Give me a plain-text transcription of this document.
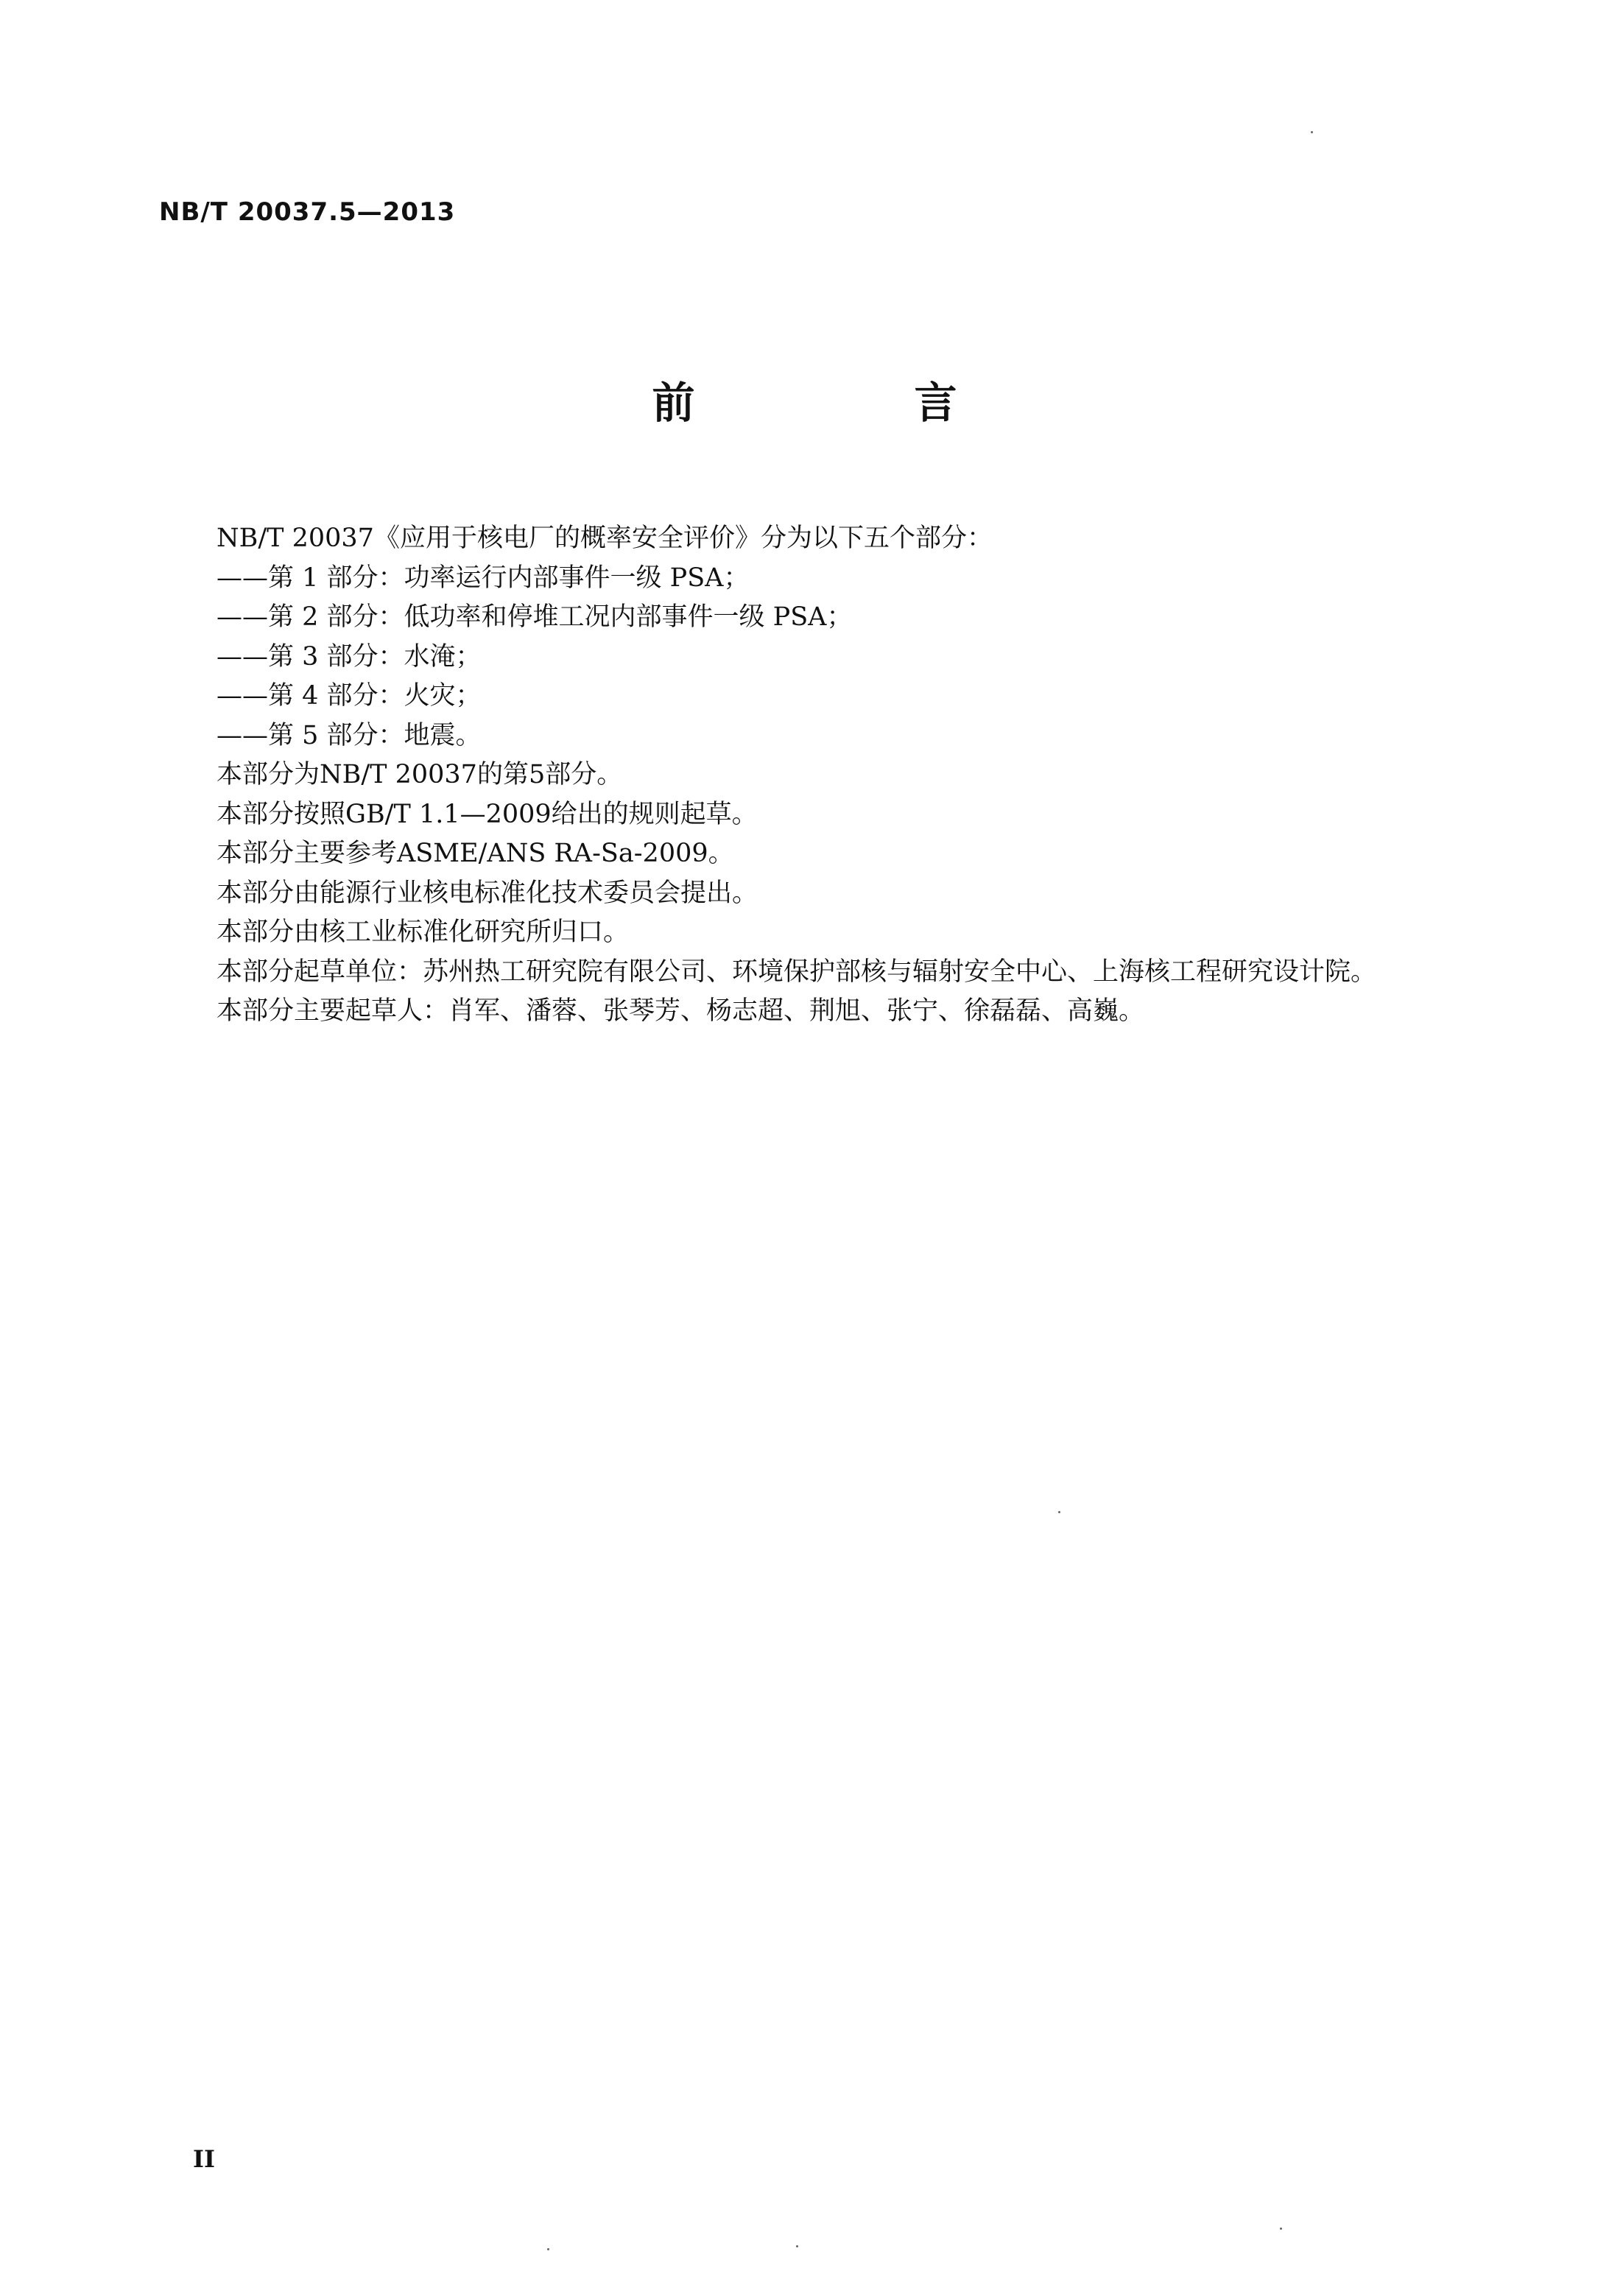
NB/T 20037.5—2013
前　言

NB/T 20037《应用于核电厂的概率安全评价》分为以下五个部分：

——第 1 部分：功率运行内部事件一级 PSA；

——第 2 部分：低功率和停堆工况内部事件一级 PSA；

——第 3 部分：水淹；

——第 4 部分：火灾；

——第 5 部分：地震。

本部分为NB/T 20037的第5部分。

本部分按照GB/T 1.1—2009给出的规则起草。

本部分主要参考ASME/ANS RA-Sa-2009。

本部分由能源行业核电标准化技术委员会提出。

本部分由核工业标准化研究所归口。

本部分起草单位：苏州热工研究院有限公司、环境保护部核与辐射安全中心、上海核工程研究设计院。

本部分主要起草人：肖军、潘蓉、张琴芳、杨志超、荆旭、张宁、徐磊磊、高巍。

II
